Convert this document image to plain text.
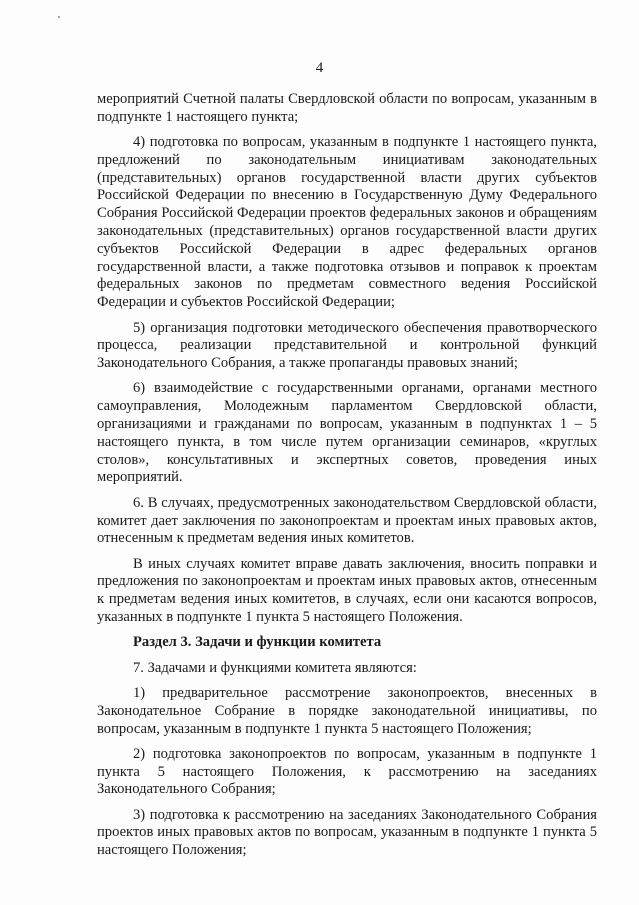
4

мероприятий Счетной палаты Свердловской области по вопросам, указанным в подпункте 1 настоящего пункта;

4) подготовка по вопросам, указанным в подпункте 1 настоящего пункта, предложений по законодательным инициативам законодательных (представительных) органов государственной власти других субъектов Российской Федерации по внесению в Государственную Думу Федерального Собрания Российской Федерации проектов федеральных законов и обращениям законодательных (представительных) органов государственной власти других субъектов Российской Федерации в адрес федеральных органов государственной власти, а также подготовка отзывов и поправок к проектам федеральных законов по предметам совместного ведения Российской Федерации и субъектов Российской Федерации;

5) организация подготовки методического обеспечения правотворческого процесса, реализации представительной и контрольной функций Законодательного Собрания, а также пропаганды правовых знаний;

6) взаимодействие с государственными органами, органами местного самоуправления, Молодежным парламентом Свердловской области, организациями и гражданами по вопросам, указанным в подпунктах 1 – 5 настоящего пункта, в том числе путем организации семинаров, «круглых столов», консультативных и экспертных советов, проведения иных мероприятий.

6. В случаях, предусмотренных законодательством Свердловской области, комитет дает заключения по законопроектам и проектам иных правовых актов, отнесенным к предметам ведения иных комитетов.

В иных случаях комитет вправе давать заключения, вносить поправки и предложения по законопроектам и проектам иных правовых актов, отнесенным к предметам ведения иных комитетов, в случаях, если они касаются вопросов, указанных в подпункте 1 пункта 5 настоящего Положения.

Раздел 3. Задачи и функции комитета

7. Задачами и функциями комитета являются:

1) предварительное рассмотрение законопроектов, внесенных в Законодательное Собрание в порядке законодательной инициативы, по вопросам, указанным в подпункте 1 пункта 5 настоящего Положения;

2) подготовка законопроектов по вопросам, указанным в подпункте 1 пункта 5 настоящего Положения, к рассмотрению на заседаниях Законодательного Собрания;

3) подготовка к рассмотрению на заседаниях Законодательного Собрания проектов иных правовых актов по вопросам, указанным в подпункте 1 пункта 5 настоящего Положения;
